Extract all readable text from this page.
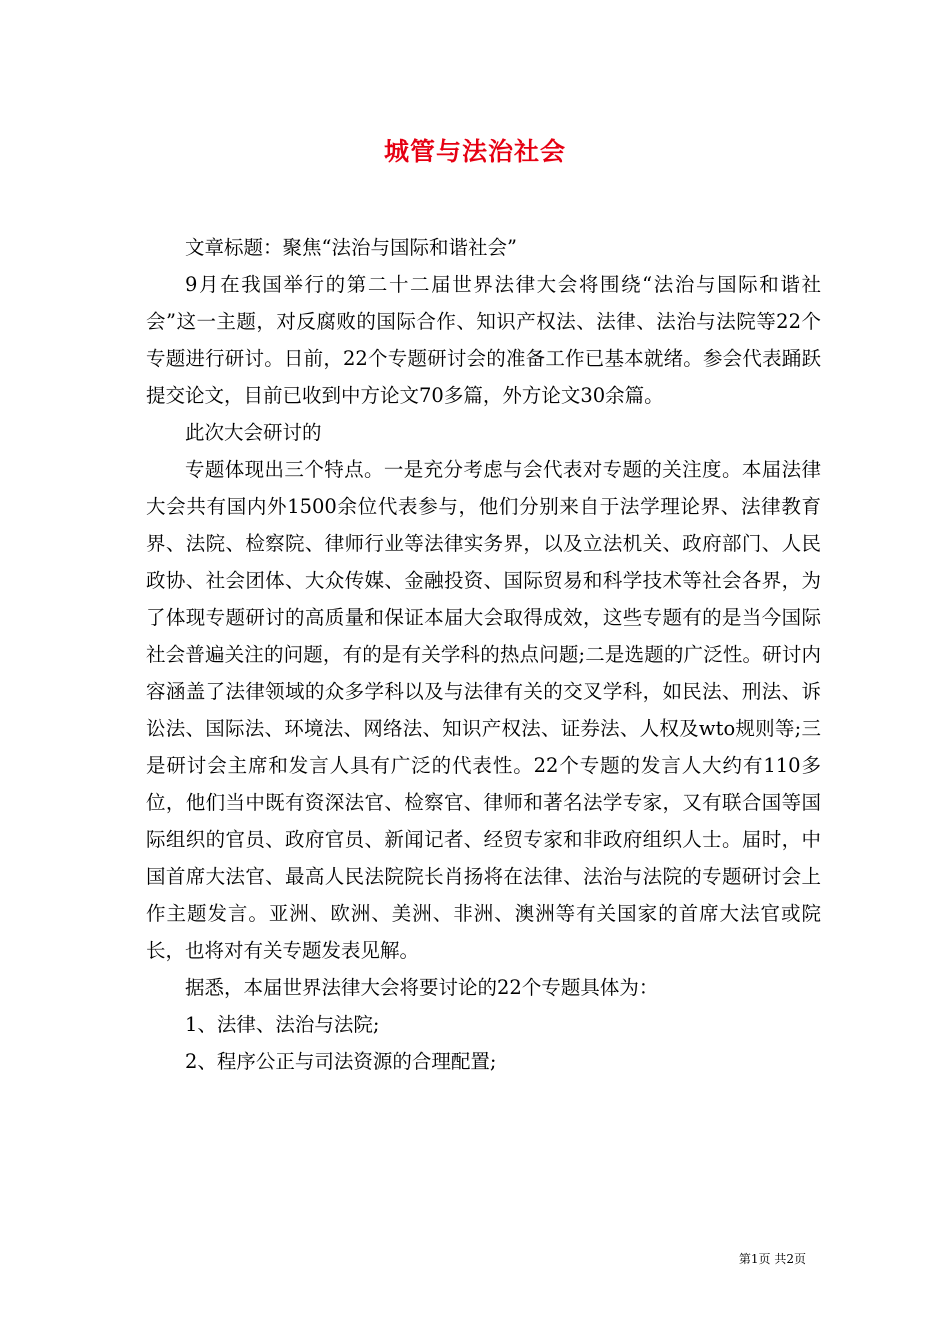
城管与法治社会

文章标题：聚焦“法治与国际和谐社会”

9月在我国举行的第二十二届世界法律大会将围绕“法治与国际和谐社会”这一主题，对反腐败的国际合作、知识产权法、法律、法治与法院等22个专题进行研讨。日前，22个专题研讨会的准备工作已基本就绪。参会代表踊跃提交论文，目前已收到中方论文70多篇，外方论文30余篇。

此次大会研讨的

专题体现出三个特点。一是充分考虑与会代表对专题的关注度。本届法律大会共有国内外1500余位代表参与，他们分别来自于法学理论界、法律教育界、法院、检察院、律师行业等法律实务界，以及立法机关、政府部门、人民政协、社会团体、大众传媒、金融投资、国际贸易和科学技术等社会各界，为了体现专题研讨的高质量和保证本届大会取得成效，这些专题有的是当今国际社会普遍关注的问题，有的是有关学科的热点问题;二是选题的广泛性。研讨内容涵盖了法律领域的众多学科以及与法律有关的交叉学科，如民法、刑法、诉讼法、国际法、环境法、网络法、知识产权法、证券法、人权及wto规则等;三是研讨会主席和发言人具有广泛的代表性。22个专题的发言人大约有110多位，他们当中既有资深法官、检察官、律师和著名法学专家，又有联合国等国际组织的官员、政府官员、新闻记者、经贸专家和非政府组织人士。届时，中国首席大法官、最高人民法院院长肖扬将在法律、法治与法院的专题研讨会上作主题发言。亚洲、欧洲、美洲、非洲、澳洲等有关国家的首席大法官或院长，也将对有关专题发表见解。

据悉，本届世界法律大会将要讨论的22个专题具体为：

1、法律、法治与法院;

2、程序公正与司法资源的合理配置;

第1页 共2页
